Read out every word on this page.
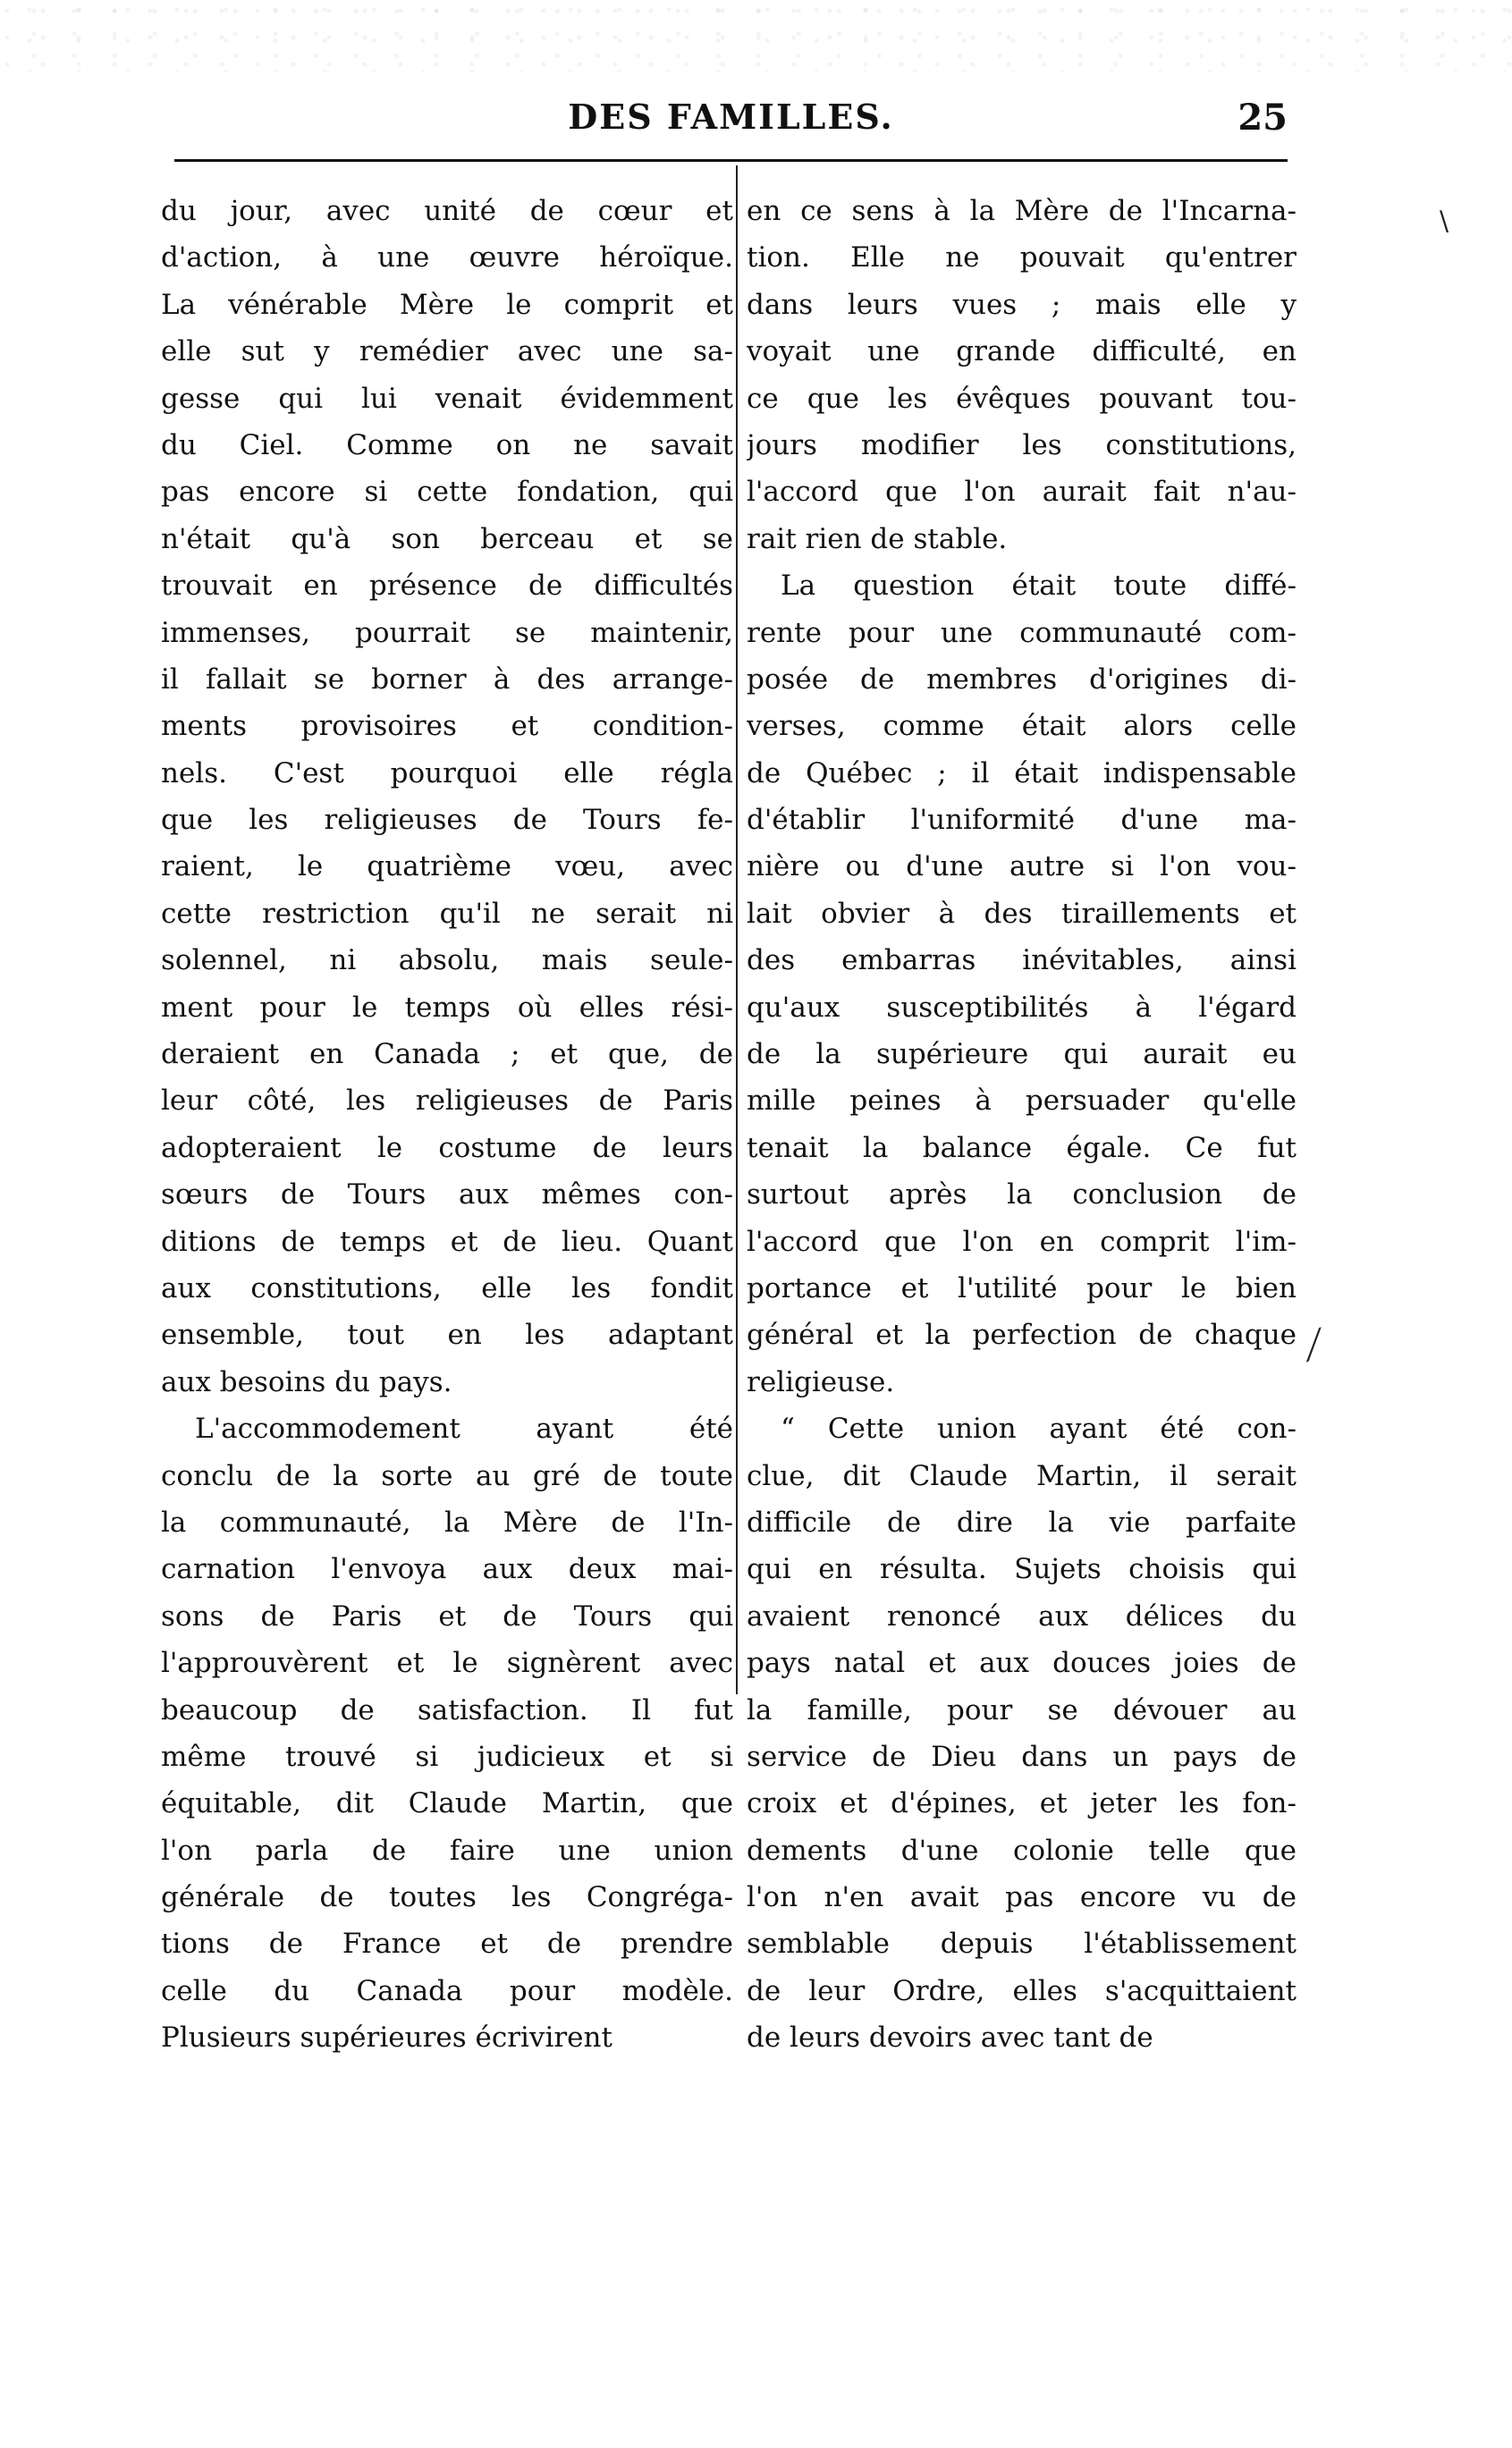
DES FAMILLES.	25
du jour, avec unité de cœur et
d'action, à une œuvre héroïque.
La vénérable Mère le comprit et
elle sut y remédier avec une sa-
gesse qui lui venait évidemment
du Ciel. Comme on ne savait
pas encore si cette fondation, qui
n'était qu'à son berceau et se
trouvait en présence de difficultés
immenses, pourrait se maintenir,
il fallait se borner à des arrange-
ments provisoires et condition-
nels. C'est pourquoi elle régla
que les religieuses de Tours fe-
raient, le quatrième vœu, avec
cette restriction qu'il ne serait ni
solennel, ni absolu, mais seule-
ment pour le temps où elles rési-
deraient en Canada ; et que, de
leur côté, les religieuses de Paris
adopteraient le costume de leurs
sœurs de Tours aux mêmes con-
ditions de temps et de lieu. Quant
aux constitutions, elle les fondit
ensemble, tout en les adaptant
aux besoins du pays.
L'accommodement ayant été
conclu de la sorte au gré de toute
la communauté, la Mère de l'In-
carnation l'envoya aux deux mai-
sons de Paris et de Tours qui
l'approuvèrent et le signèrent avec
beaucoup de satisfaction. Il fut
même trouvé si judicieux et si
équitable, dit Claude Martin, que
l'on parla de faire une union
générale de toutes les Congréga-
tions de France et de prendre
celle du Canada pour modèle.
Plusieurs supérieures écrivirent
en ce sens à la Mère de l'Incarna-
tion. Elle ne pouvait qu'entrer
dans leurs vues ; mais elle y
voyait une grande difficulté, en
ce que les évêques pouvant tou-
jours modifier les constitutions,
l'accord que l'on aurait fait n'au-
rait rien de stable.
La question était toute diffé-
rente pour une communauté com-
posée de membres d'origines di-
verses, comme était alors celle
de Québec ; il était indispensable
d'établir l'uniformité d'une ma-
nière ou d'une autre si l'on vou-
lait obvier à des tiraillements et
des embarras inévitables, ainsi
qu'aux susceptibilités à l'égard
de la supérieure qui aurait eu
mille peines à persuader qu'elle
tenait la balance égale. Ce fut
surtout après la conclusion de
l'accord que l'on en comprit l'im-
portance et l'utilité pour le bien
général et la perfection de chaque
religieuse.
“ Cette union ayant été con-
clue, dit Claude Martin, il serait
difficile de dire la vie parfaite
qui en résulta. Sujets choisis qui
avaient renoncé aux délices du
pays natal et aux douces joies de
la famille, pour se dévouer au
service de Dieu dans un pays de
croix et d'épines, et jeter les fon-
dements d'une colonie telle que
l'on n'en avait pas encore vu de
semblable depuis l'établissement
de leur Ordre, elles s'acquittaient
de leurs devoirs avec tant de
\
⟋
